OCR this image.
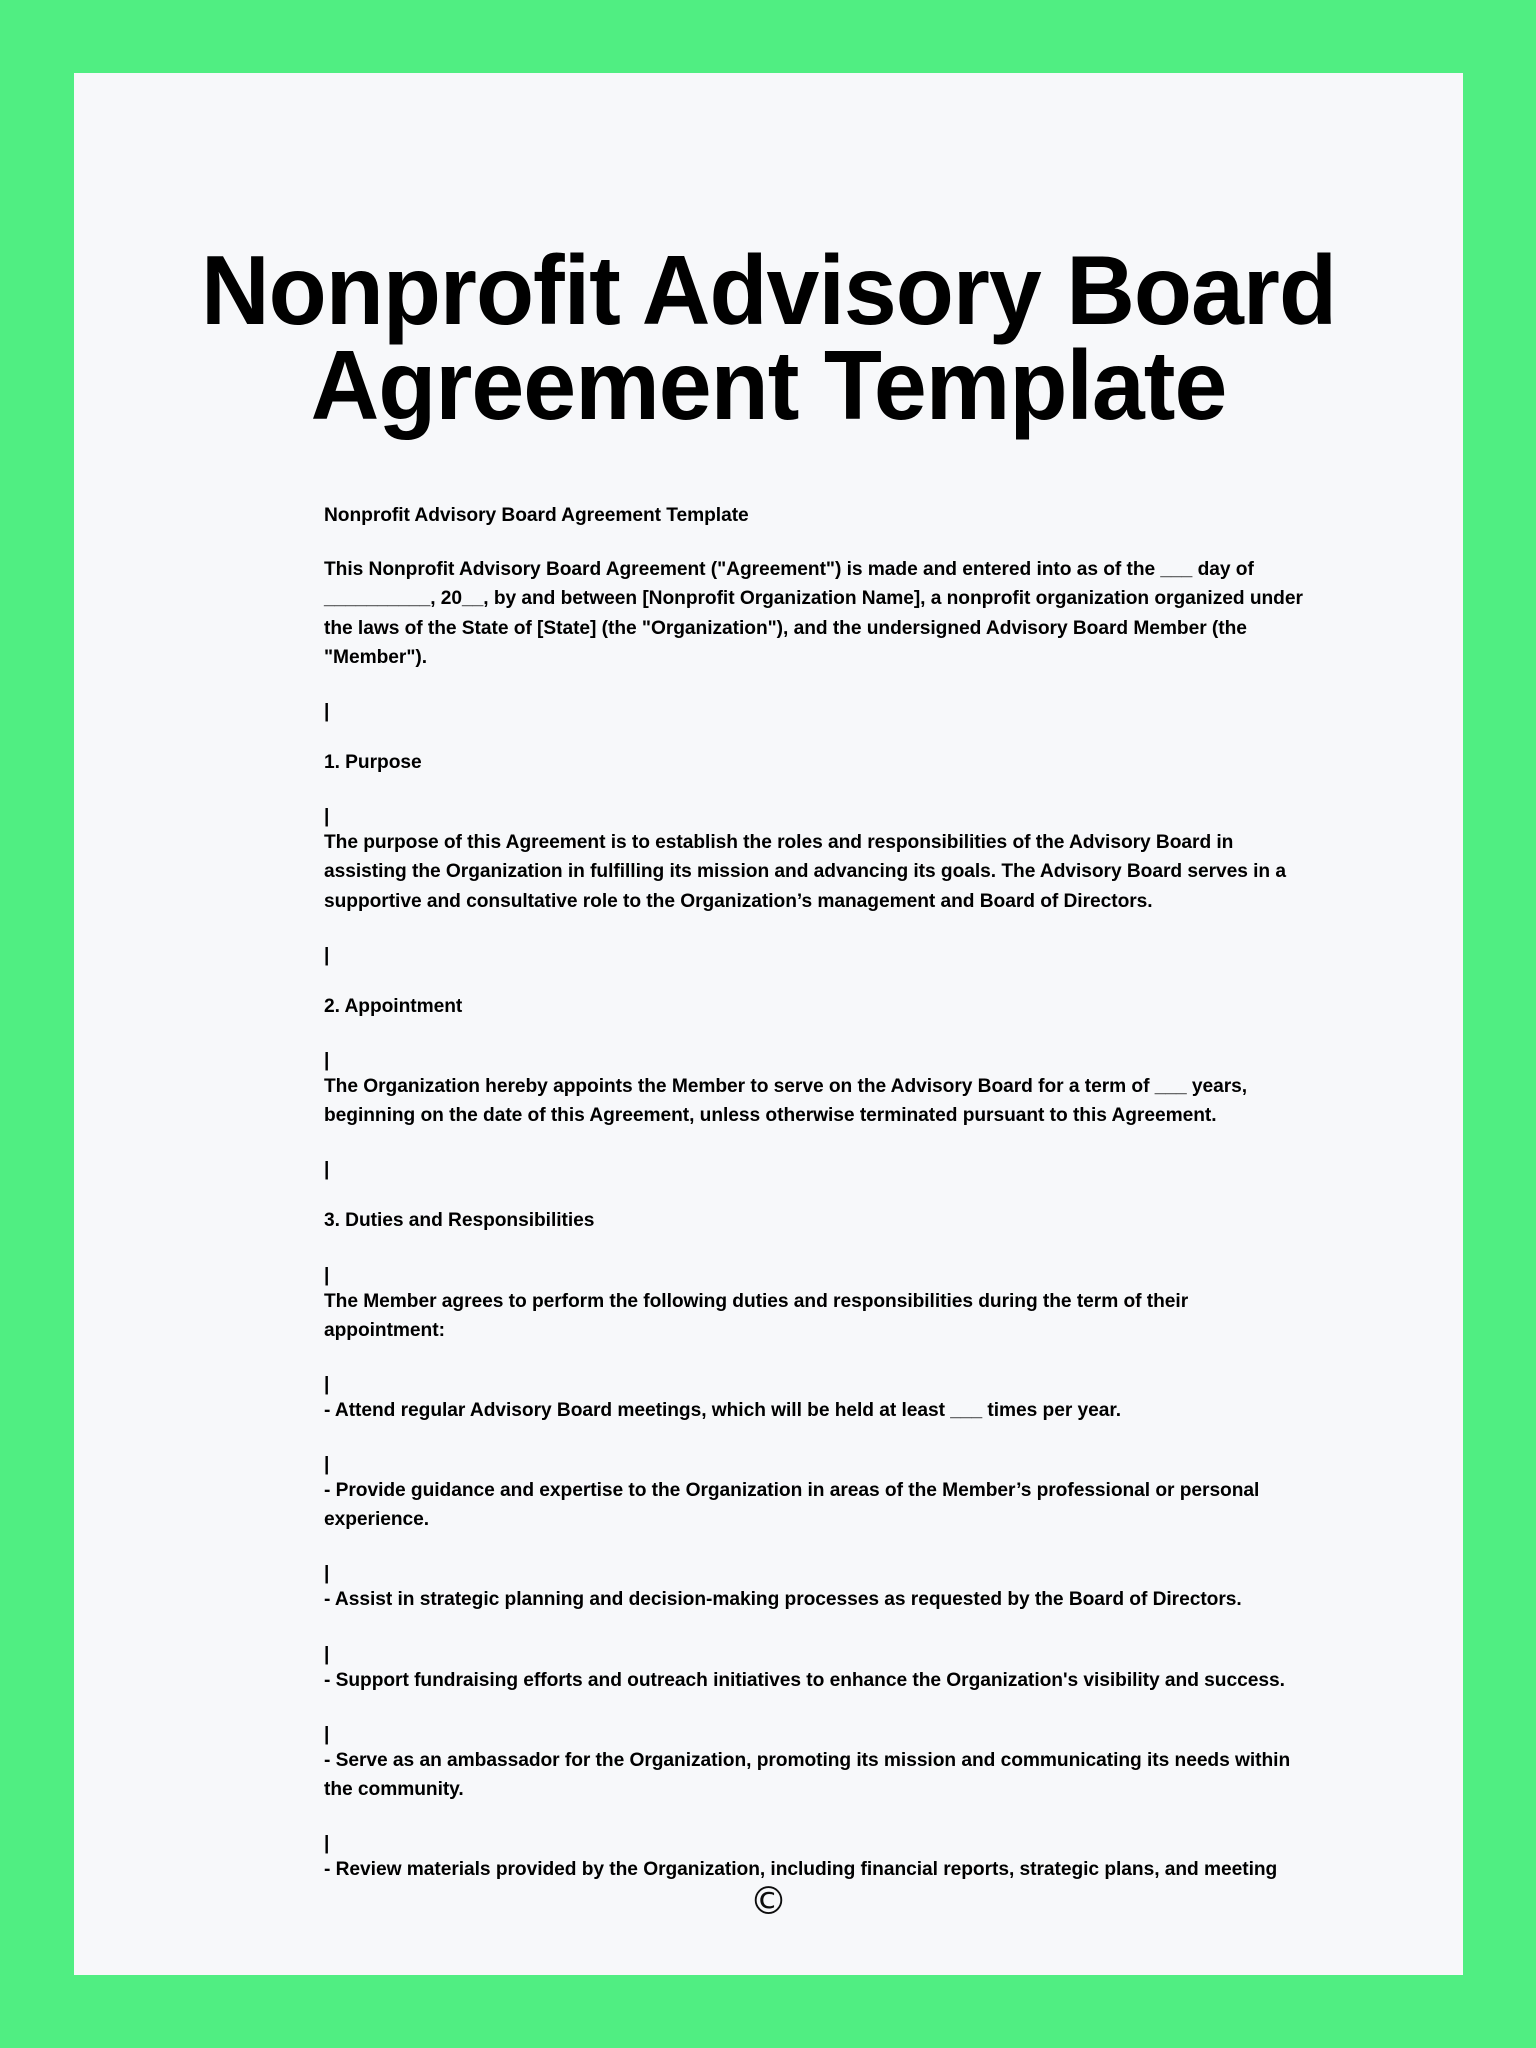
Nonprofit Advisory Board Agreement Template

Nonprofit Advisory Board Agreement Template

This Nonprofit Advisory Board Agreement ("Agreement") is made and entered into as of the ___ day of __________, 20__, by and between [Nonprofit Organization Name], a nonprofit organization organized under the laws of the State of [State] (the "Organization"), and the undersigned Advisory Board Member (the "Member").

|

1. Purpose

|

The purpose of this Agreement is to establish the roles and responsibilities of the Advisory Board in assisting the Organization in fulfilling its mission and advancing its goals. The Advisory Board serves in a supportive and consultative role to the Organization’s management and Board of Directors.

|

2. Appointment

|

The Organization hereby appoints the Member to serve on the Advisory Board for a term of ___ years, beginning on the date of this Agreement, unless otherwise terminated pursuant to this Agreement.

|

3. Duties and Responsibilities

|

The Member agrees to perform the following duties and responsibilities during the term of their appointment:

|

- Attend regular Advisory Board meetings, which will be held at least ___ times per year.

|

- Provide guidance and expertise to the Organization in areas of the Member’s professional or personal experience.

|

- Assist in strategic planning and decision-making processes as requested by the Board of Directors.

|

- Support fundraising efforts and outreach initiatives to enhance the Organization's visibility and success.

|

- Serve as an ambassador for the Organization, promoting its mission and communicating its needs within the community.

|

- Review materials provided by the Organization, including financial reports, strategic plans, and meeting

©
